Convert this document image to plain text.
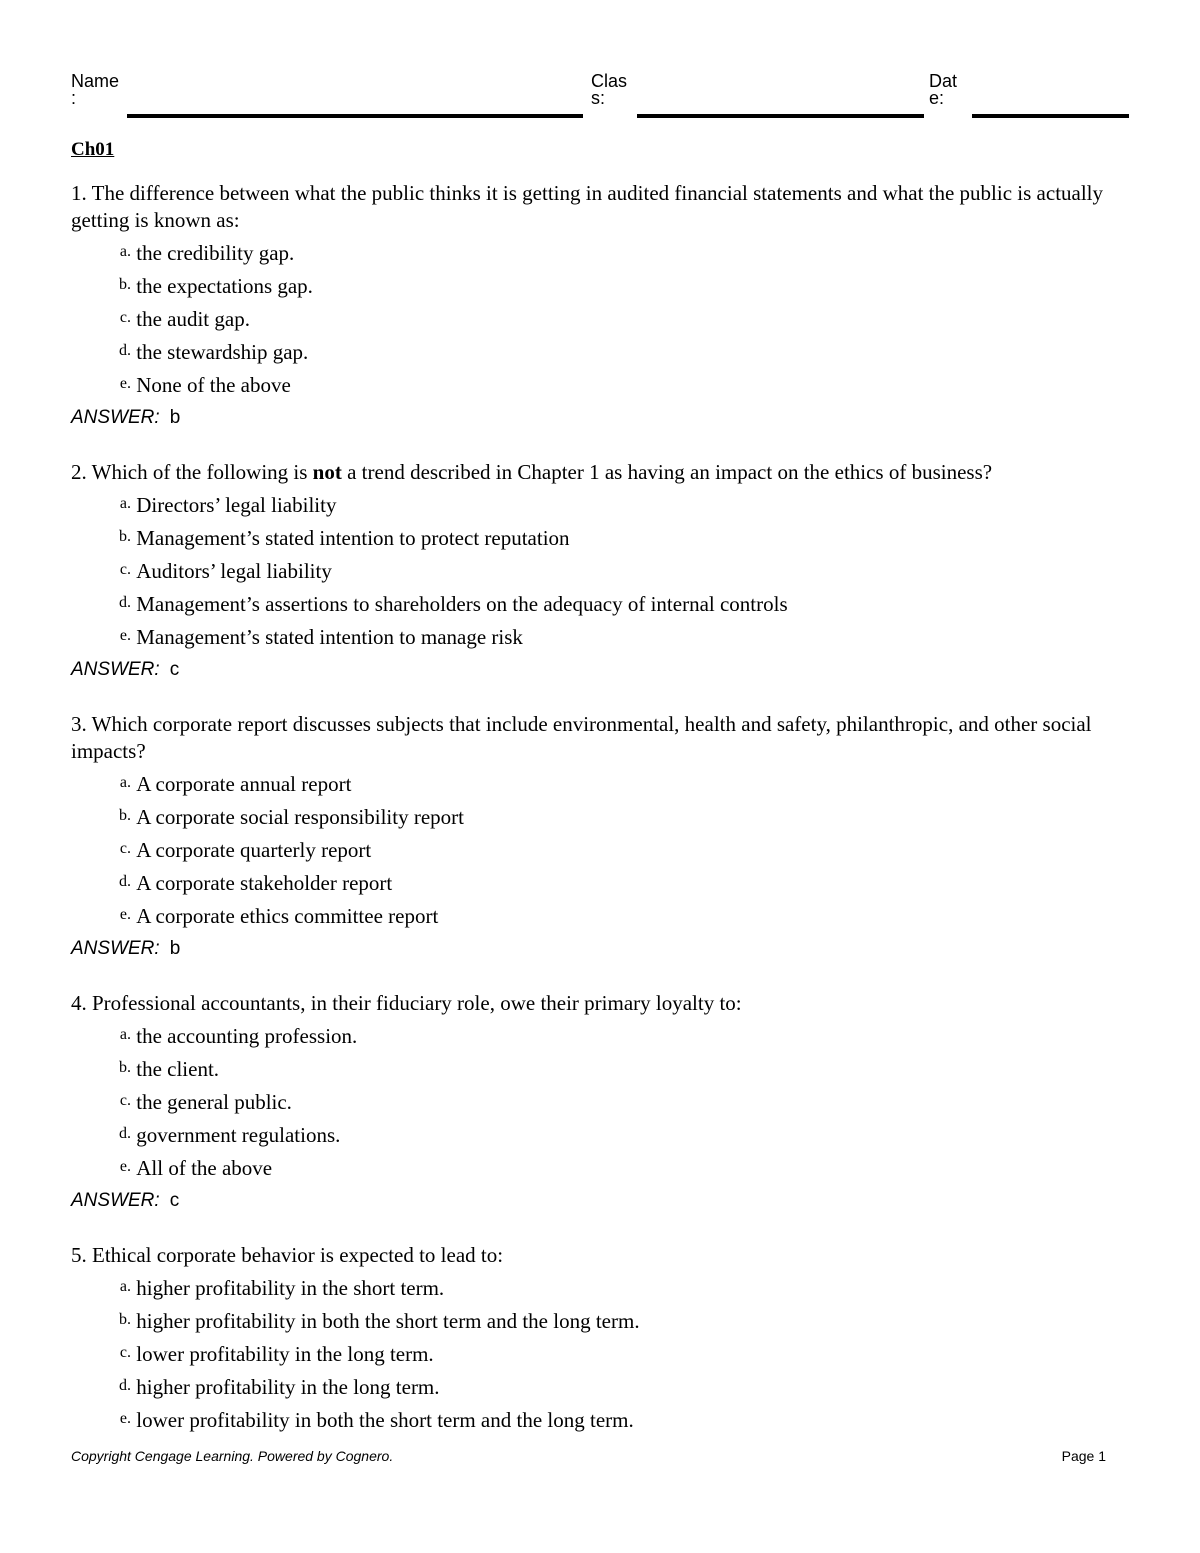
Name
:
Clas
s:
Dat
e:
Ch01

1. The difference between what the public thinks it is getting in audited financial statements and what the public is actually getting is known as:

a.
the credibility gap.
b.
the expectations gap.
c.
the audit gap.
d.
the stewardship gap.
e.
None of the above
ANSWER: b

2. Which of the following is not a trend described in Chapter 1 as having an impact on the ethics of business?

a.
Directors’ legal liability
b.
Management’s stated intention to protect reputation
c.
Auditors’ legal liability
d.
Management’s assertions to shareholders on the adequacy of internal controls
e.
Management’s stated intention to manage risk
ANSWER: c

3. Which corporate report discusses subjects that include environmental, health and safety, philanthropic, and other social impacts?

a.
A corporate annual report
b.
A corporate social responsibility report
c.
A corporate quarterly report
d.
A corporate stakeholder report
e.
A corporate ethics committee report
ANSWER: b

4. Professional accountants, in their fiduciary role, owe their primary loyalty to:

a.
the accounting profession.
b.
the client.
c.
the general public.
d.
government regulations.
e.
All of the above
ANSWER: c

5. Ethical corporate behavior is expected to lead to:

a.
higher profitability in the short term.
b.
higher profitability in both the short term and the long term.
c.
lower profitability in the long term.
d.
higher profitability in the long term.
e.
lower profitability in both the short term and the long term.
Copyright Cengage Learning. Powered by Cognero.	Page 1
